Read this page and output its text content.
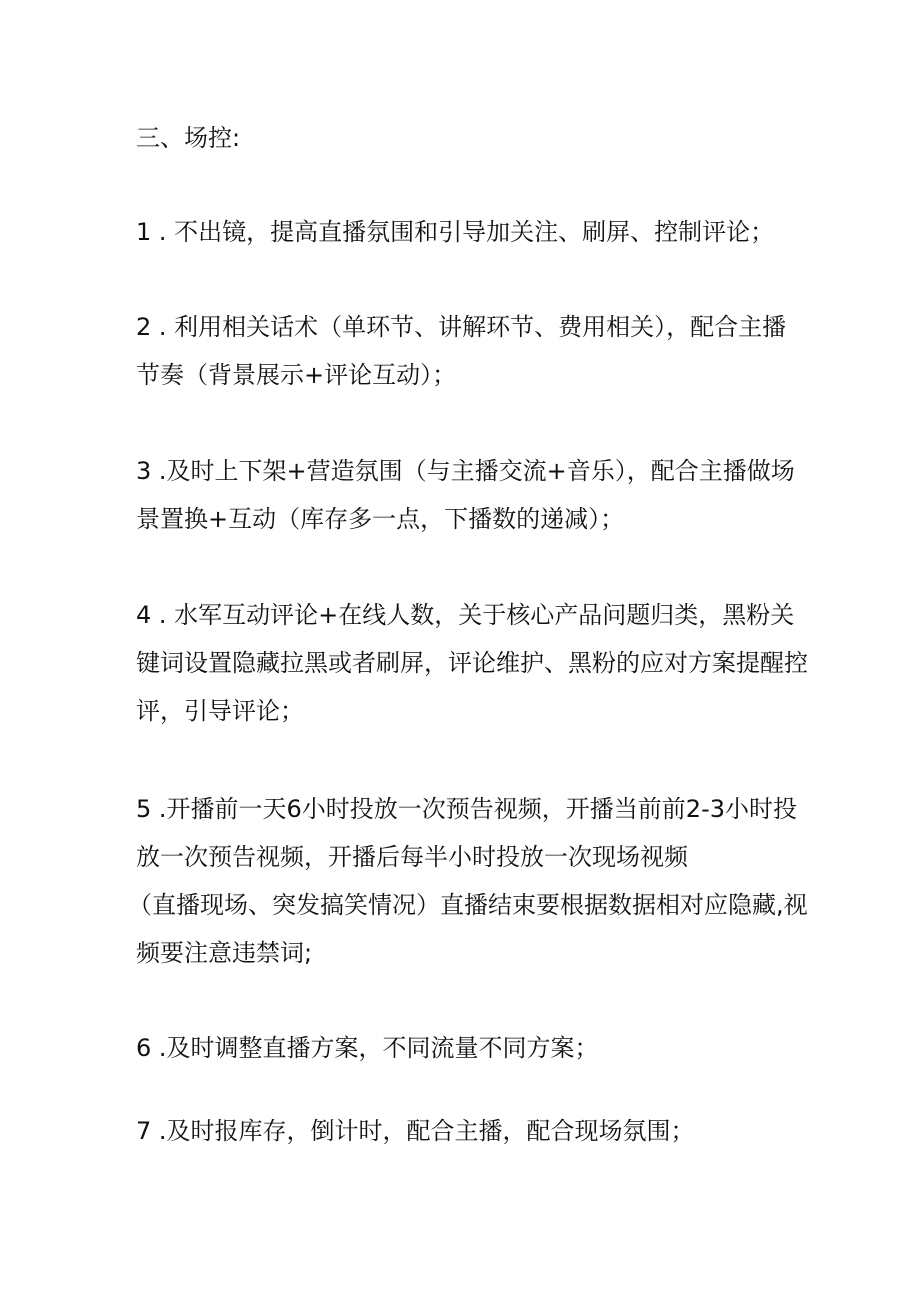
三、场控:
1 . 不出镜，提高直播氛围和引导加关注、刷屏、控制评论；
2 . 利用相关话术（单环节、讲解环节、费用相关），配合主播
节奏（背景展示+评论互动）；
3 .及时上下架+营造氛围（与主播交流+音乐），配合主播做场
景置换+互动（库存多一点，下播数的递减）；
4 . 水军互动评论+在线人数，关于核心产品问题归类，黑粉关
键词设置隐藏拉黑或者刷屏，评论维护、黑粉的应对方案提醒控
评，引导评论；
5 .开播前一天6小时投放一次预告视频，开播当前前2-3小时投
放一次预告视频，开播后每半小时投放一次现场视频
（直播现场、突发搞笑情况）直播结束要根据数据相对应隐藏,视
频要注意违禁词;
6 .及时调整直播方案，不同流量不同方案；
7 .及时报库存，倒计时，配合主播，配合现场氛围；
